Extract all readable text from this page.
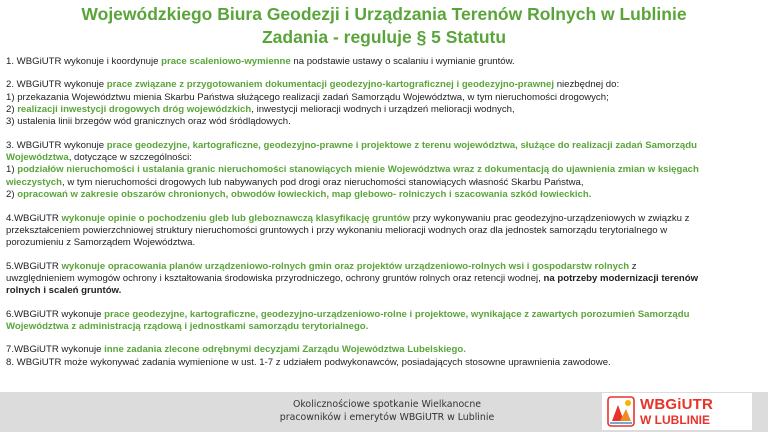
Wojewódzkiego Biura Geodezji i Urządzania Terenów Rolnych w Lublinie
Zadania - reguluje § 5 Statutu
1. WBGiUTR wykonuje i koordynuje prace scaleniowo-wymienne na podstawie ustawy o scalaniu i wymianie gruntów.
2. WBGiUTR wykonuje prace związane z przygotowaniem dokumentacji geodezyjno-kartograficznej i geodezyjno-prawnej niezbędnej do:
1) przekazania Województwu mienia Skarbu Państwa służącego realizacji zadań Samorządu Województwa, w tym nieruchomości drogowych;
2) realizacji inwestycji drogowych dróg wojewódzkich, inwestycji melioracji wodnych i urządzeń melioracji wodnych,
3) ustalenia linii brzegów wód granicznych oraz wód śródlądowych.
3. WBGiUTR wykonuje prace geodezyjne, kartograficzne, geodezyjno-prawne i projektowe z terenu województwa, służące do realizacji zadań Samorządu
Województwa, dotyczące w szczególności:
1) podziałów nieruchomości i ustalania granic nieruchomości stanowiących mienie Województwa wraz z dokumentacją do ujawnienia zmian w księgach
wieczystych, w tym nieruchomości drogowych lub nabywanych pod drogi oraz nieruchomości stanowiących własność Skarbu Państwa,
2) opracowań w zakresie obszarów chronionych, obwodów łowieckich, map glebowo- rolniczych i szacowania szkód łowieckich.
4.WBGiUTR wykonuje opinie o pochodzeniu gleb lub gleboznawczą klasyfikację gruntów przy wykonywaniu prac geodezyjno-urządzeniowych w związku z
przekształceniem powierzchniowej struktury nieruchomości gruntowych i przy wykonaniu melioracji wodnych oraz dla jednostek samorządu terytorialnego w
porozumieniu z Samorządem Województwa.
5.WBGiUTR wykonuje opracowania planów urządzeniowo-rolnych gmin oraz projektów urządzeniowo-rolnych wsi i gospodarstw rolnych z
uwzględnieniem wymogów ochrony i kształtowania środowiska przyrodniczego, ochrony gruntów rolnych oraz retencji wodnej, na potrzeby modernizacji terenów
rolnych i scaleń gruntów.
6.WBGiUTR wykonuje prace geodezyjne, kartograficzne, geodezyjno-urządzeniowo-rolne i projektowe, wynikające z zawartych porozumień Samorządu
Województwa z administracją rządową i jednostkami samorządu terytorialnego.
7.WBGiUTR wykonuje inne zadania zlecone odrębnymi decyzjami Zarządu Województwa Lubelskiego.
8. WBGiUTR może wykonywać zadania wymienione w ust. 1-7 z udziałem podwykonawców, posiadających stosowne uprawnienia zawodowe.
Okolicznościowe spotkanie Wielkanocne
pracowników i emerytów WBGiUTR w Lublinie
WBGiUTR
W LUBLINIE
